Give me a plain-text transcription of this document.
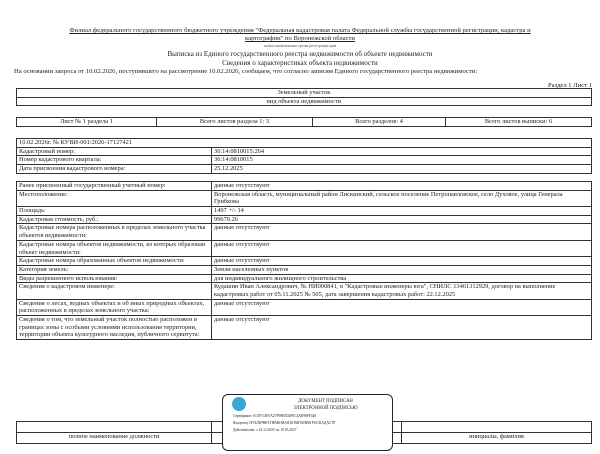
Филиал федерального государственного бюджетного учреждения "Федеральная кадастровая палата Федеральной службы государственной регистрации, кадастра и картографии" по Воронежской области
полное наименование органа регистрации прав
Выписка из Единого государственного реестра недвижимости об объекте недвижимости
Сведения о характеристиках объекта недвижимости
На основании запроса от 10.02.2026, поступившего на рассмотрение 10.02.2026, сообщаем, что согласно записям Единого государственного реестра недвижимости:
Раздел 1 Лист 1
Земельный участок
вид объекта недвижимости
Лист № 1 раздела 1	Всего листов раздела 1: 3	Всего разделов: 4	Всего листов выписки: 6
10.02.2026г. № КУВИ-001/2026-17127421	
Кадастровый номер:	36:14:0810015:264
Номер кадастрового квартала:	36:14:0810015
Дата присвоения кадастрового номера:	25.12.2025
Ранее присвоенный государственный учетный номер:	данные отсутствуют
Местоположение:	Воронежская область, муниципальный район Лискинский, сельское поселение Петропавловское, село Духовое, улица Генерала Грибкова
Площадь:	1497 +/- 14
Кадастровая стоимость, руб.:	99670.26
Кадастровые номера расположенных в пределах земельного участка объектов недвижимости:	данные отсутствуют
Кадастровые номера объектов недвижимости, из которых образован объект недвижимости:	данные отсутствуют
Кадастровые номера образованных объектов недвижимости:	данные отсутствуют
Категория земель:	Земли населенных пунктов
Виды разрешенного использования:	для индивидуального жилищного строительства
Сведения о кадастровом инженере:	Кудашин Иван Александрович, № НИ000841, в "Кадастровые инженеры юга", СНИЛС 13461312929, договор на выполнение кадастровых работ от 05.11.2025 № 505, дата завершения кадастровых работ: 22.12.2025
Сведения о лесах, водных объектах и об иных природных объектах, расположенных в пределах земельного участка:	данные отсутствуют
Сведения о том, что земельный участок полностью расположен в границах зоны с особыми условиями использования территории, территории объекта культурного наследия, публичного сервитута:	данные отсутствуют

полное наименование должности		инициалы, фамилия
ДОКУМЕНТ ПОДПИСАН
ЭЛЕКТРОННОЙ ПОДПИСЬЮ
Сертификат: 01497148 0A27F98E0D2F0C4AE98FF440
Владелец: ПУБЛИЧНО-ПРАВОВАЯ КОМПАНИЯ РОСКАДАСТР
Действителен: с 24.12.2025 по 19.03.2027
